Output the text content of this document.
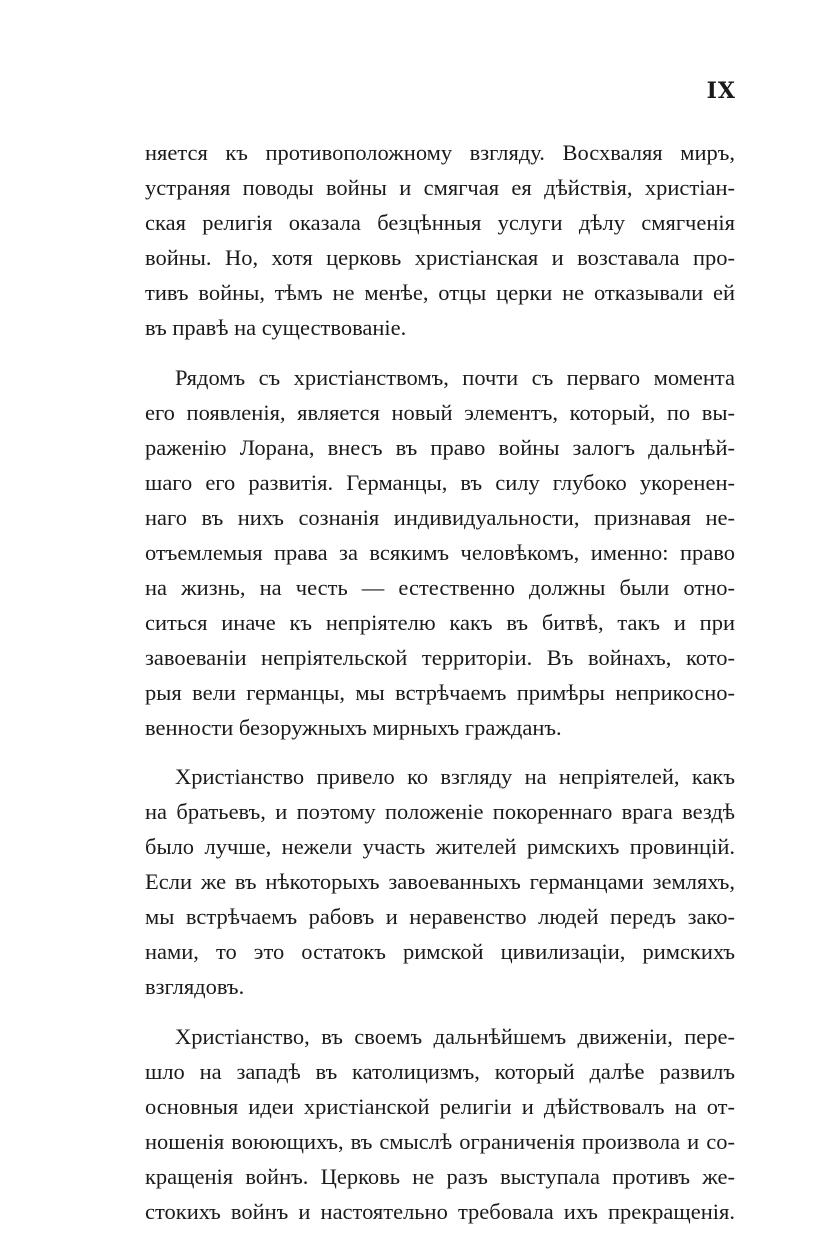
IX
няется къ противоположному взгляду. Восхваляя миръ,
устраняя поводы войны и смягчая ея дѣйствія, христіан-
ская религія оказала безцѣнныя услуги дѣлу смягченія
войны. Но, хотя церковь христіанская и возставала про-
тивъ войны, тѣмъ не менѣе, отцы церки не отказывали ей
въ правѣ на существованіе.
Рядомъ съ христіанствомъ, почти съ перваго момента
его появленія, является новый элементъ, который, по вы-
раженію Лорана, внесъ въ право войны залогъ дальнѣй-
шаго его развитія. Германцы, въ силу глубоко укоренен-
наго въ нихъ сознанія индивидуальности, признавая не-
отъемлемыя права за всякимъ человѣкомъ, именно: право
на жизнь, на честь — естественно должны были отно-
ситься иначе къ непріятелю какъ въ битвѣ, такъ и при
завоеваніи непріятельской территоріи. Въ войнахъ, кото-
рыя вели германцы, мы встрѣчаемъ примѣры неприкосно-
венности безоружныхъ мирныхъ гражданъ.
Христіанство привело ко взгляду на непріятелей, какъ
на братьевъ, и поэтому положеніе покореннаго врага вездѣ
было лучше, нежели участь жителей римскихъ провинцій.
Если же въ нѣкоторыхъ завоеванныхъ германцами земляхъ,
мы встрѣчаемъ рабовъ и неравенство людей передъ зако-
нами, то это остатокъ римской цивилизаціи, римскихъ
взглядовъ.
Христіанство, въ своемъ дальнѣйшемъ движеніи, пере-
шло на западѣ въ католицизмъ, который далѣе развилъ
основныя идеи христіанской религіи и дѣйствовалъ на от-
ношенія воюющихъ, въ смыслѣ ограниченія произвола и со-
кращенія войнъ. Церковь не разъ выступала противъ же-
стокихъ войнъ и настоятельно требовала ихъ прекращенія.
